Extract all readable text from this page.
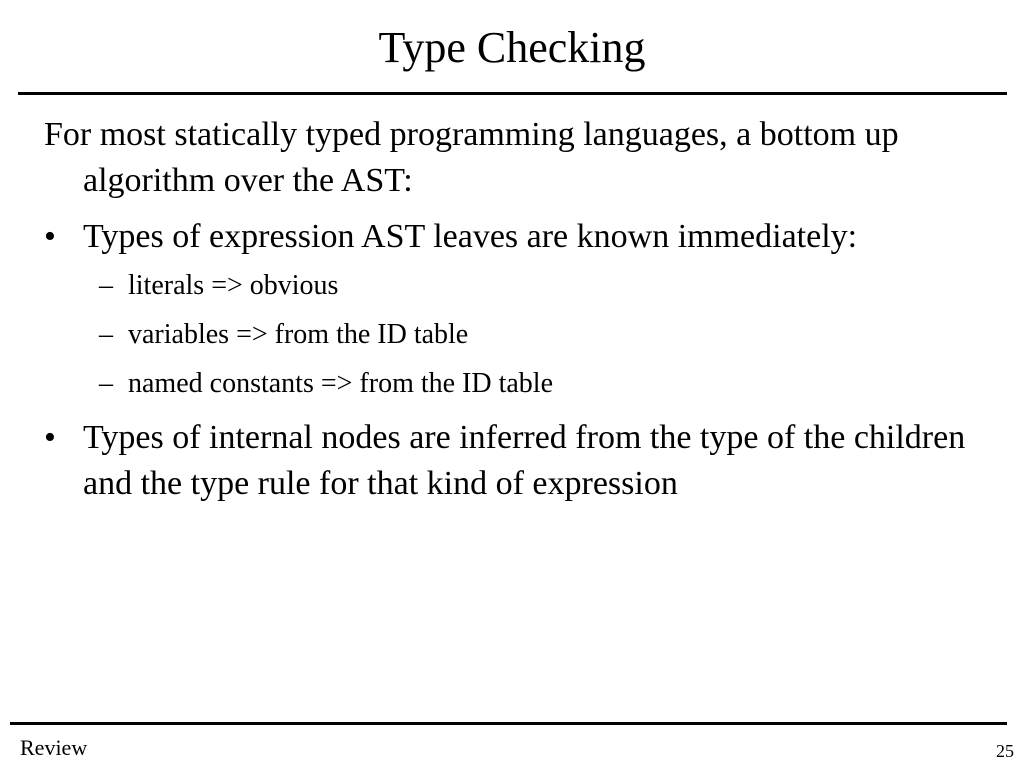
Type Checking

For most statically typed programming languages, a bottom up algorithm over the AST:

• Types of expression AST leaves are known immediately:
– literals => obvious
– variables => from the ID table
– named constants => from the ID table
• Types of internal nodes are inferred from the type of the children and the type rule for that kind of expression
Review	25
